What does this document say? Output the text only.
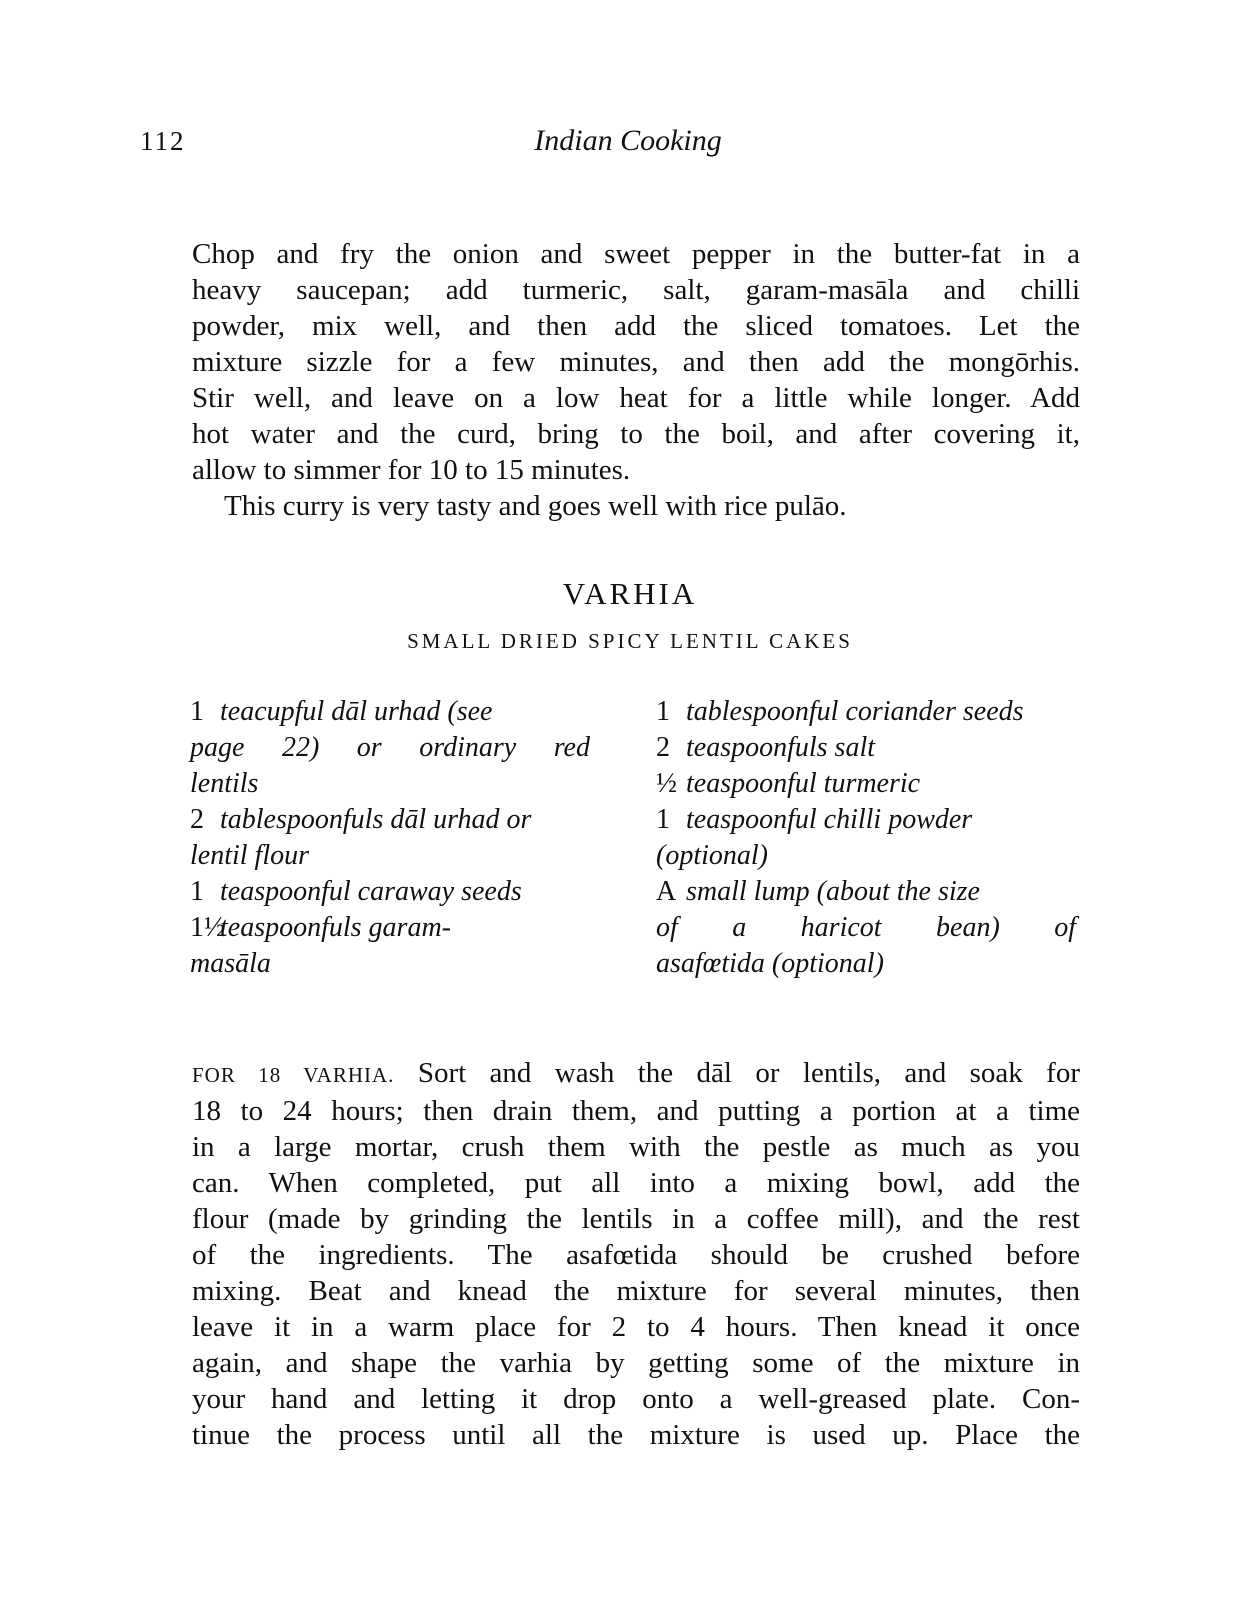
112	Indian Cooking

Chop and fry the onion and sweet pepper in the butter-fat in a
heavy saucepan; add turmeric, salt, garam-masāla and chilli
powder, mix well, and then add the sliced tomatoes. Let the
mixture sizzle for a few minutes, and then add the mongōrhis.
Stir well, and leave on a low heat for a little while longer. Add
hot water and the curd, bring to the boil, and after covering it,
allow to simmer for 10 to 15 minutes.
This curry is very tasty and goes well with rice pulāo.

VARHIA
SMALL DRIED SPICY LENTIL CAKES

1 teacupful dāl urhad (see
page 22) or ordinary red
lentils

2 tablespoonfuls dāl urhad or
lentil flour

1 teaspoonful caraway seeds

1½teaspoonfuls garam-
masāla

1 tablespoonful coriander seeds

2 teaspoonfuls salt

½ teaspoonful turmeric

1 teaspoonful chilli powder
(optional)

A small lump (about the size
of a haricot bean) of
asafœtida (optional)

FOR 18 VARHIA. Sort and wash the dāl or lentils, and soak for
18 to 24 hours; then drain them, and putting a portion at a time
in a large mortar, crush them with the pestle as much as you
can. When completed, put all into a mixing bowl, add the
flour (made by grinding the lentils in a coffee mill), and the rest
of the ingredients. The asafœtida should be crushed before
mixing. Beat and knead the mixture for several minutes, then
leave it in a warm place for 2 to 4 hours. Then knead it once
again, and shape the varhia by getting some of the mixture in
your hand and letting it drop onto a well-greased plate. Con-
tinue the process until all the mixture is used up. Place the
